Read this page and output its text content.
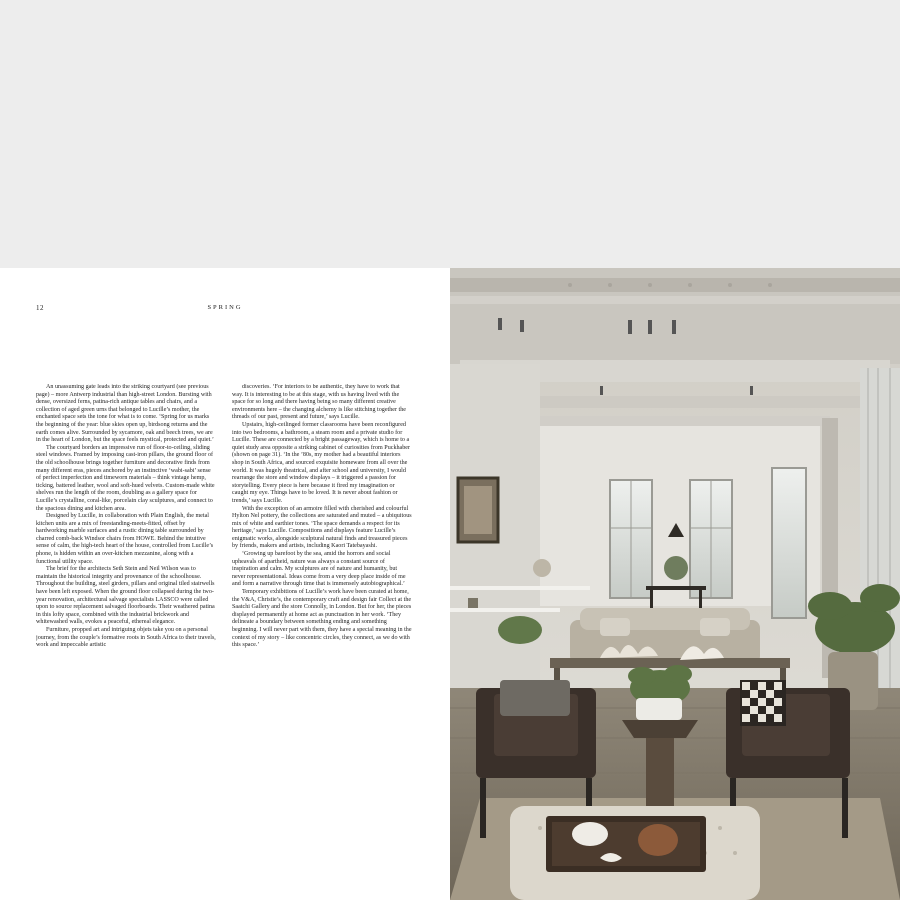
12	SPRING

An unassuming gate leads into the striking courtyard (see previous page) – more Antwerp industrial than high-street London. Bursting with dense, oversized ferns, patina-rich antique tables and chairs, and a collection of aged green urns that belonged to Lucille’s mother, the enchanted space sets the tone for what is to come. ‘Spring for us marks the beginning of the year: blue skies open up, birdsong returns and the earth comes alive. Surrounded by sycamore, oak and beech trees, we are in the heart of London, but the space feels mystical, protected and quiet.’

The courtyard borders an impressive run of floor-to-ceiling, sliding steel windows. Framed by imposing cast-iron pillars, the ground floor of the old schoolhouse brings together furniture and decorative finds from many different eras, pieces anchored by an instinctive ‘wabi-sabi’ sense of perfect imperfection and timeworn materials – think vintage hemp, ticking, battered leather, wool and soft-hued velvets. Custom-made white shelves run the length of the room, doubling as a gallery space for Lucille’s crystalline, coral-like, porcelain clay sculptures, and connect to the spacious dining and kitchen area.

Designed by Lucille, in collaboration with Plain English, the metal kitchen units are a mix of freestanding-meets-fitted, offset by hardworking marble surfaces and a rustic dining table surrounded by charred comb-back Windsor chairs from HOWE. Behind the intuitive sense of calm, the high-tech heart of the house, controlled from Lucille’s phone, is hidden within an over-kitchen mezzanine, along with a functional utility space.

The brief for the architects Seth Stein and Neil Wilson was to maintain the historical integrity and provenance of the schoolhouse. Throughout the building, steel girders, pillars and original tiled stairwells have been left exposed. When the ground floor collapsed during the two-year renovation, architectural salvage specialists LASSCO were called upon to source replacement salvaged floorboards. Their weathered patina in this lofty space, combined with the industrial brickwork and whitewashed walls, evokes a peaceful, ethereal elegance.

Furniture, propped art and intriguing objets take you on a personal journey, from the couple’s formative roots in South Africa to their travels, work and impeccable artistic

discoveries. ‘For interiors to be authentic, they have to work that way. It is interesting to be at this stage, with us having lived with the space for so long and there having being so many different creative environments here – the changing alchemy is like stitching together the threads of our past, present and future,’ says Lucille.

Upstairs, high-ceilinged former classrooms have been reconfigured into two bedrooms, a bathroom, a steam room and a private studio for Lucille. These are connected by a bright passageway, which is home to a quiet study area opposite a striking cabinet of curiosities from Puckhaber (shown on page 31). ‘In the ’80s, my mother had a beautiful interiors shop in South Africa, and sourced exquisite homeware from all over the world. It was hugely theatrical, and after school and university, I would rearrange the store and window displays – it triggered a passion for storytelling. Every piece is here because it fired my imagination or caught my eye. Things have to be loved. It is never about fashion or trends,’ says Lucille.

With the exception of an armoire filled with cherished and colourful Hylton Nel pottery, the collections are saturated and muted – a ubiquitous mix of white and earthier tones. ‘The space demands a respect for its heritage,’ says Lucille. Compositions and displays feature Lucille’s enigmatic works, alongside sculptural natural finds and treasured pieces by friends, makers and artists, including Kaori Tatebayashi.

‘Growing up barefoot by the sea, amid the horrors and social upheavals of apartheid, nature was always a constant source of inspiration and calm. My sculptures are of nature and humanity, but never representational. Ideas come from a very deep place inside of me and form a narrative through time that is immensely autobiographical.’

Temporary exhibitions of Lucille’s work have been curated at home, the V&A, Christie’s, the contemporary craft and design fair Collect at the Saatchi Gallery and the store Connolly, in London. But for her, the pieces displayed permanently at home act as punctuation in her work. ‘They delineate a boundary between something ending and something beginning. I will never part with them, they have a special meaning in the context of my story – like concentric circles, they connect, as we do with this space.’
